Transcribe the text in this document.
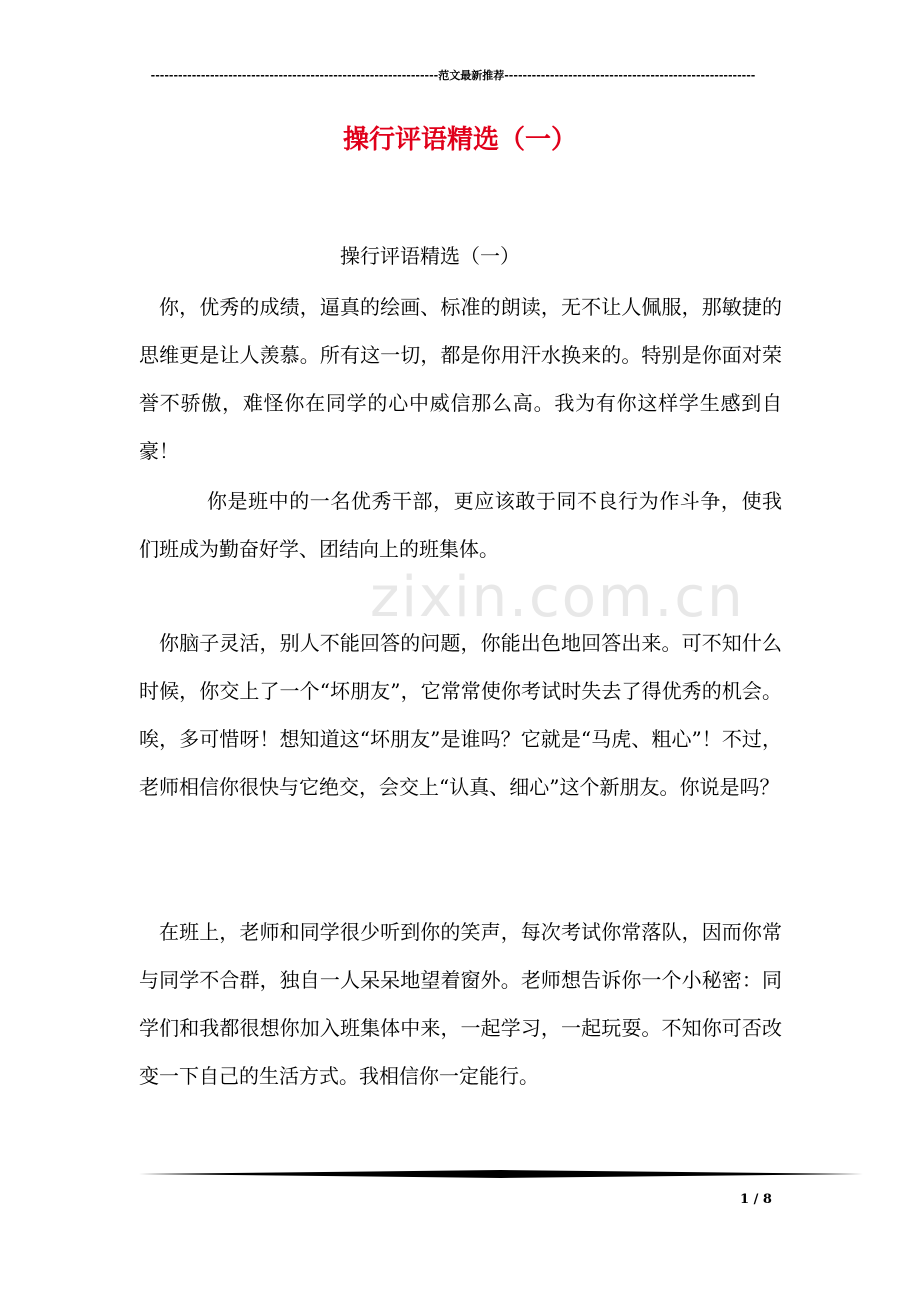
---------------------------------------------------------------范文最新推荐-------------------------------------------------------
操行评语精选（一）
zixin.com.cn
操行评语精选（一）

你，优秀的成绩，逼真的绘画、标准的朗读，无不让人佩服，那敏捷的思维更是让人羡慕。所有这一切，都是你用汗水换来的。特别是你面对荣誉不骄傲，难怪你在同学的心中威信那么高。我为有你这样学生感到自豪！

你是班中的一名优秀干部，更应该敢于同不良行为作斗争，使我们班成为勤奋好学、团结向上的班集体。

你脑子灵活，别人不能回答的问题，你能出色地回答出来。可不知什么时候，你交上了一个“坏朋友”，它常常使你考试时失去了得优秀的机会。唉，多可惜呀！想知道这“坏朋友”是谁吗？它就是“马虎、粗心”！不过，老师相信你很快与它绝交，会交上“认真、细心”这个新朋友。你说是吗？

在班上，老师和同学很少听到你的笑声，每次考试你常落队，因而你常与同学不合群，独自一人呆呆地望着窗外。老师想告诉你一个小秘密：同学们和我都很想你加入班集体中来，一起学习，一起玩耍。不知你可否改变一下自己的生活方式。我相信你一定能行。

1 / 8
